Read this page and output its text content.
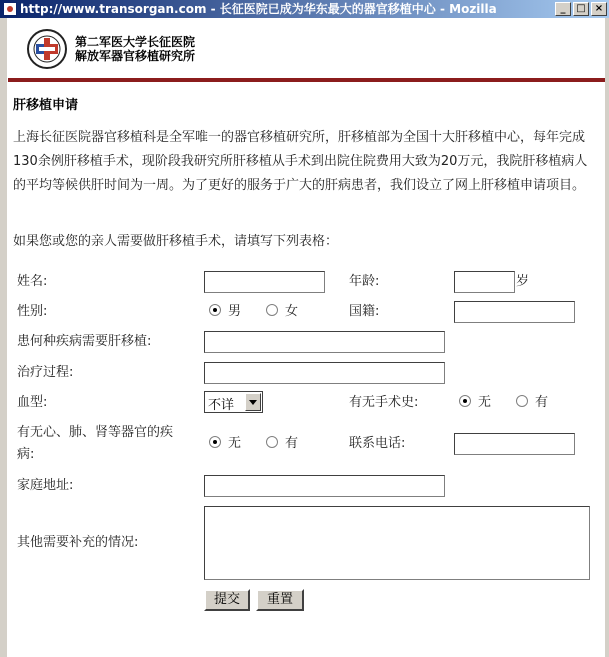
http://www.transorgan.com - 长征医院已成为华东最大的器官移植中心 - Mozilla	_ □ ×
第二军医大学长征医院
解放军器官移植研究所
肝移植申请
上海长征医院器官移植科是全军唯一的器官移植研究所，肝移植部为全国十大肝移植中心，每年完成130余例肝移植手术，现阶段我研究所肝移植从手术到出院住院费用大致为20万元，我院肝移植病人的平均等候供肝时间为一周。为了更好的服务于广大的肝病患者，我们设立了网上肝移植申请项目。
如果您或您的亲人需要做肝移植手术，请填写下列表格：
姓名:	年龄:	岁
性别:	男	女	国籍:
患何种疾病需要肝移植:
治疗过程:
血型:	不详	有无手术史:	无	有
有无心、肺、肾等器官的疾
病:
无	有	联系电话:
家庭地址:
其他需要补充的情况:
提交	重置
